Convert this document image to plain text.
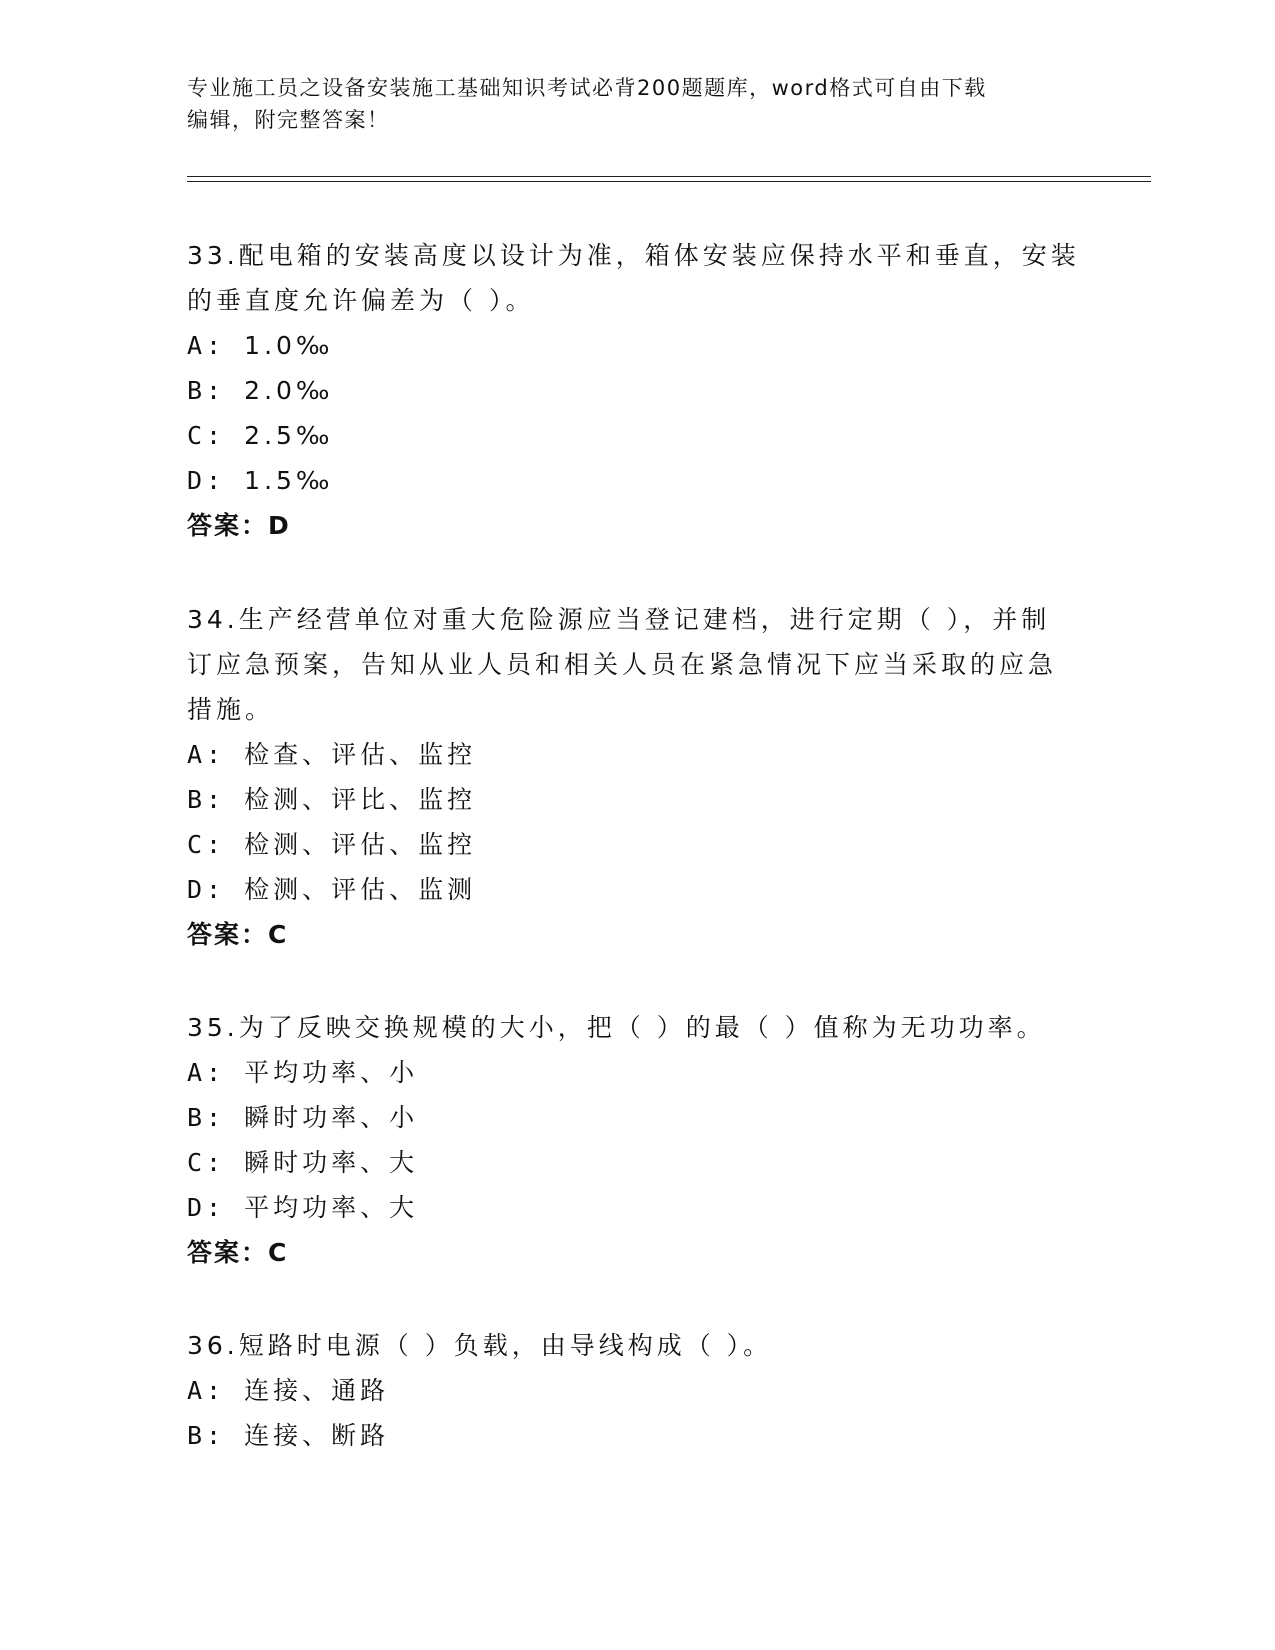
专业施工员之设备安装施工基础知识考试必背200题题库，word格式可自由下载
编辑，附完整答案！
33.配电箱的安装高度以设计为准，箱体安装应保持水平和垂直，安装
的垂直度允许偏差为（ ）。
A: 1.0‰
B: 2.0‰
C: 2.5‰
D: 1.5‰
答案：D
34.生产经营单位对重大危险源应当登记建档，进行定期（ ），并制
订应急预案，告知从业人员和相关人员在紧急情况下应当采取的应急
措施。
A: 检查、评估、监控
B: 检测、评比、监控
C: 检测、评估、监控
D: 检测、评估、监测
答案：C
35.为了反映交换规模的大小，把（ ）的最（ ）值称为无功功率。
A: 平均功率、小
B: 瞬时功率、小
C: 瞬时功率、大
D: 平均功率、大
答案：C
36.短路时电源（ ）负载，由导线构成（ ）。
A: 连接、通路
B: 连接、断路
